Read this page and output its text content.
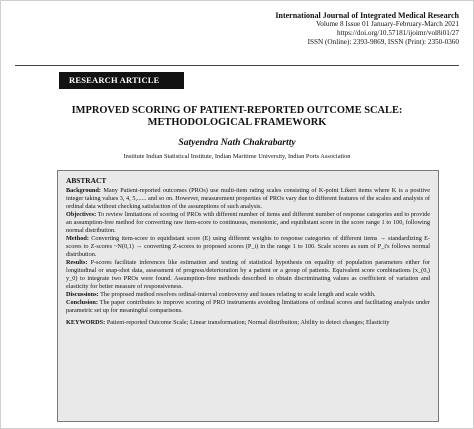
International Journal of Integrated Medical Research
Volume 8 Issue 01 January-February-March 2021
https://doi.org/10.57181/ijoimr/vol8i01/27
ISSN (Online): 2393-9869, ISSN (Print): 2350-0360
RESEARCH ARTICLE
IMPROVED SCORING OF PATIENT-REPORTED OUTCOME SCALE:
METHODOLOGICAL FRAMEWORK
Satyendra Nath Chakrabartty
Institute Indian Statistical Institute, Indian Maritime University, Indian Ports Association
ABSTRACT

Background: Many Patient-reported outcomes (PROs) use multi-item rating scales consisting of K-point Likert items where K is a positive integer taking values 3, 4, 5,...... and so on. However, measurement properties of PROs vary due to different features of the scales and analysis of ordinal data without checking satisfaction of the assumptions of such analysis.

Objectives: To review limitations of scoring of PROs with different number of items and different number of response categories and to provide an assumption-free method for converting raw item-score to continuous, monotonic, and equidistant score in the score range 1 to 100, following normal distribution.

Method: Converting item-score to equidistant score (E) using different weights to response categories of different items → standardizing E-scores to Z-scores ~N(0,1) → converting Z-scores to proposed scores (P_i) in the range 1 to 100. Scale scores as sum of P_i's follows normal distribution.

Results: P-scores facilitate inferences like estimation and testing of statistical hypothesis on equality of population parameters either for longitudinal or snap-shot data, assessment of progress/deterioration by a patient or a group of patients. Equivalent score combinations (x_(0,) y_0) to integrate two PROs were found. Assumption-free methods described to obtain discriminating values as coefficient of variation and elasticity for better measure of responsiveness.

Discussions: The proposed method resolves ordinal-interval controversy and issues relating to scale length and scale width.

Conclusion: The paper contributes to improve scoring of PRO instruments avoiding limitations of ordinal scores and facilitating analysis under parametric set up for meaningful comparisons.

KEYWORDS: Patient-reported Outcome Scale; Linear transformation; Normal distribution; Ability to detect changes; Elasticity
